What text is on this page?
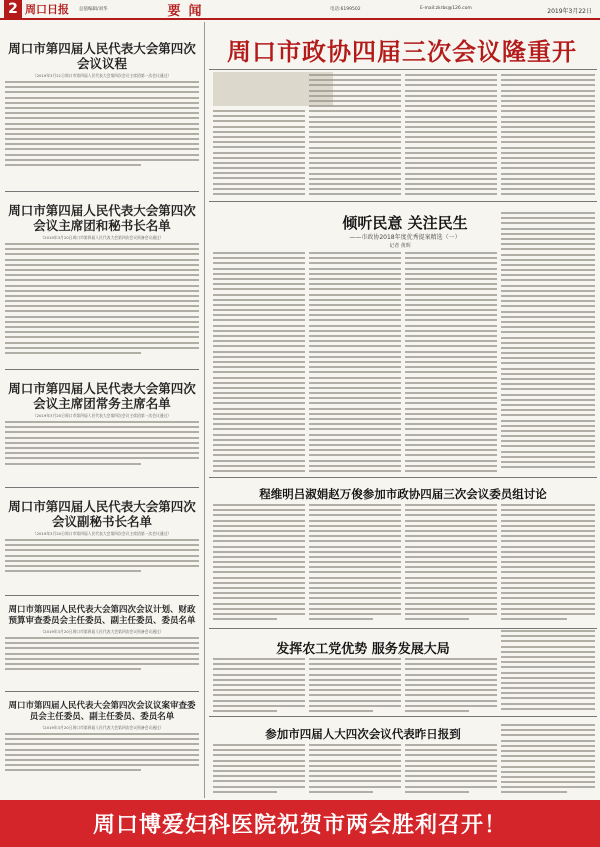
2 周口日报 总值编辑/刘华	要闻	电话:6199502	E-mail:zkrbs@126.com	2019年3月22日
周口市第四届人民代表大会第四次会议议程
（2019年3月21日周口市第四届人民代表大会第四次会议主席团第一次会议通过）
周口市第四届人民代表大会第四次会议主席团和秘书长名单
（2019年3月20日周口市第四届人民代表大会第四次会议预备会议通过）
周口市第四届人民代表大会第四次会议主席团常务主席名单
（2019年3月20日周口市第四届人民代表大会第四次会议主席团第一次会议通过）
周口市第四届人民代表大会第四次会议副秘书长名单
（2019年3月20日周口市第四届人民代表大会第四次会议主席团第一次会议通过）
周口市第四届人民代表大会第四次会议计划、财政预算审查委员会主任委员、副主任委员、委员名单
（2019年3月20日周口市第四届人民代表大会第四次会议预备会议通过）
周口市第四届人民代表大会第四次会议议案审查委员会主任委员、副主任委员、委员名单
（2019年3月20日周口市第四届人民代表大会第四次会议预备会议通过）
周口市政协四届三次会议隆重开
倾听民意 关注民生
——市政协2018年度优秀提案精选（一）
记者 黄晖
程维明吕淑娟赵万俊参加市政协四届三次会议委员组讨论
发挥农工党优势 服务发展大局
参加市四届人大四次会议代表昨日报到
周口博爱妇科医院祝贺市两会胜利召开！
